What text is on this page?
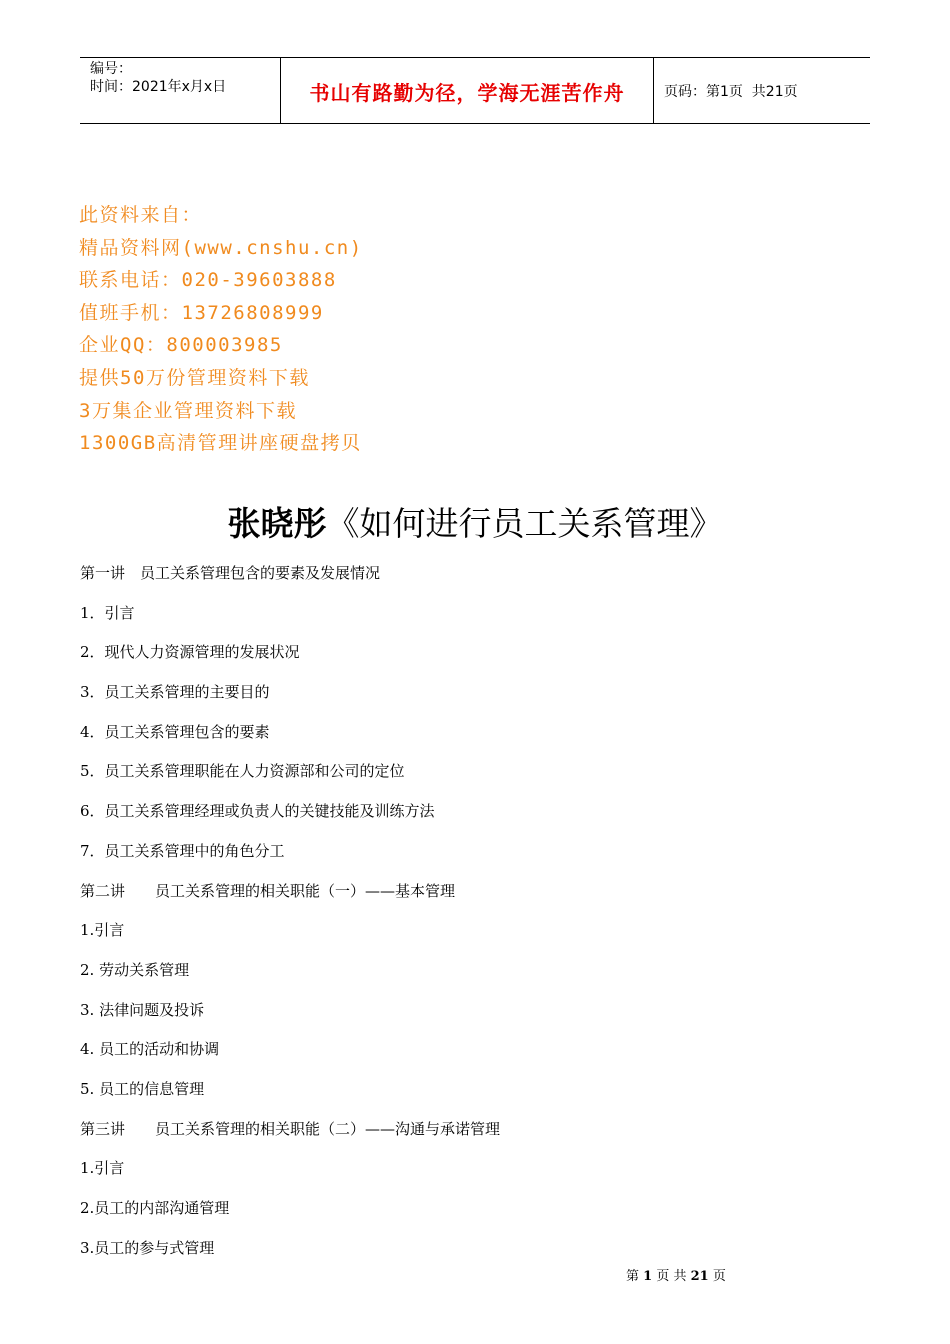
编号：
时间：2021年x月x日	书山有路勤为径，学海无涯苦作舟	页码：第1页  共21页
此资料来自：
精品资料网(www.cnshu.cn)
联系电话：020-39603888
值班手机：13726808999
企业QQ：800003985
提供50万份管理资料下载
3万集企业管理资料下载
1300GB高清管理讲座硬盘拷贝
张晓彤《如何进行员工关系管理》
第一讲　员工关系管理包含的要素及发展情况
1．引言
2．现代人力资源管理的发展状况
3．员工关系管理的主要目的
4．员工关系管理包含的要素
5．员工关系管理职能在人力资源部和公司的定位
6．员工关系管理经理或负责人的关键技能及训练方法
7．员工关系管理中的角色分工
第二讲　　员工关系管理的相关职能（一）——基本管理
1.引言
2. 劳动关系管理
3. 法律问题及投诉
4. 员工的活动和协调
5. 员工的信息管理
第三讲　　员工关系管理的相关职能（二）——沟通与承诺管理
1.引言
2.员工的内部沟通管理
3.员工的参与式管理
第 1 页 共 21 页
